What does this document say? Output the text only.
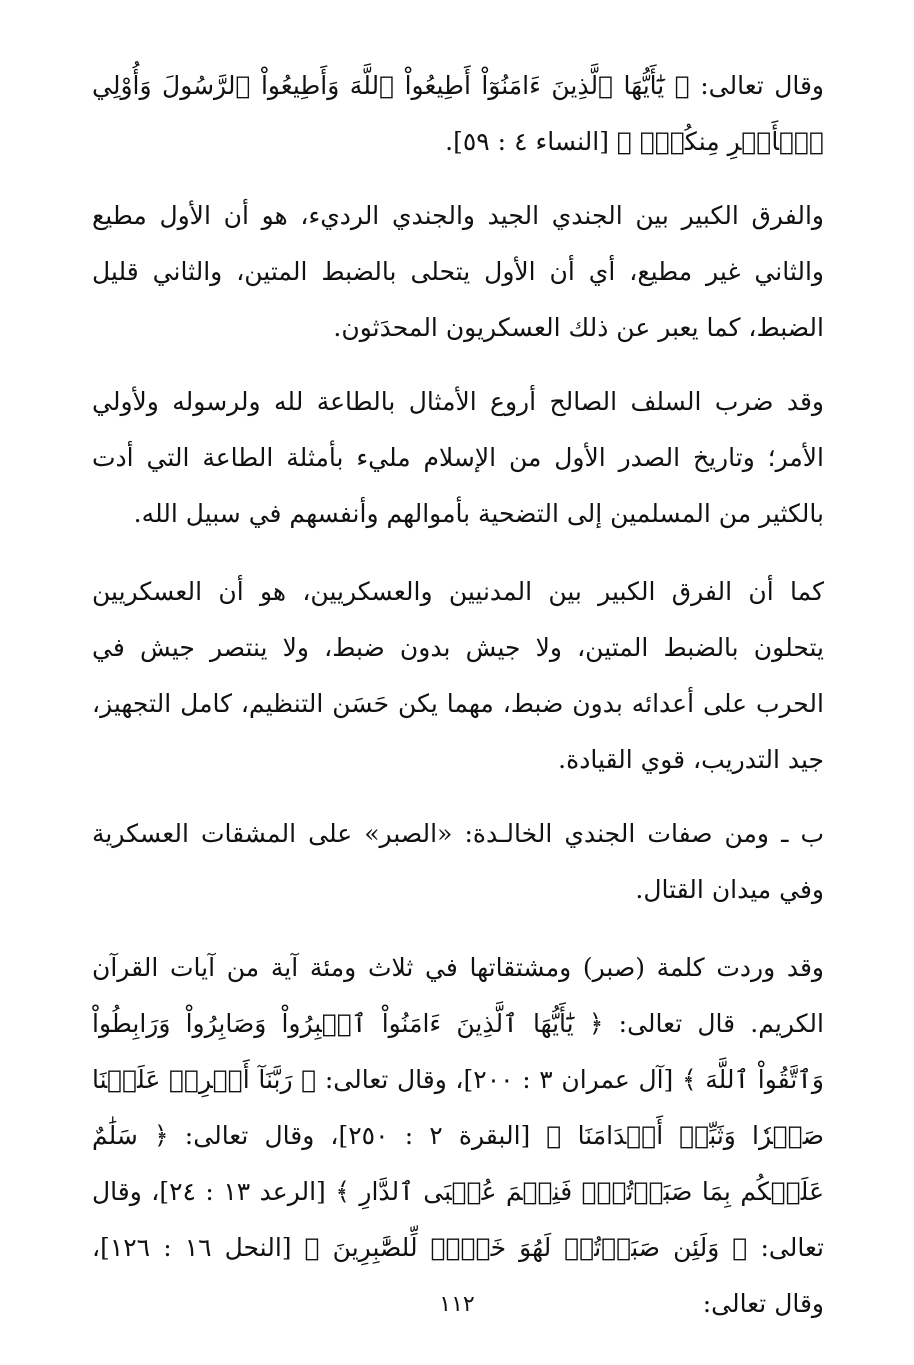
وقال تعالى: ﴿ يَٰٓأَيُّهَا ٱلَّذِينَ ءَامَنُوٓاْ أَطِيعُواْ ٱللَّهَ وَأَطِيعُواْ ٱلرَّسُولَ وَأُوْلِي ٱلۡأَمۡرِ مِنكُمۡۖ ﴾ [النساء ٤ : ٥٩].

والفرق الكبير بين الجندي الجيد والجندي الرديء، هو أن الأول مطيع والثاني غير مطيع، أي أن الأول يتحلى بالضبط المتين، والثاني قليل الضبط، كما يعبر عن ذلك العسكريون المحدَثون.

وقد ضرب السلف الصالح أروع الأمثال بالطاعة لله ولرسوله ولأولي الأمر؛ وتاريخ الصدر الأول من الإسلام مليء بأمثلة الطاعة التي أدت بالكثير من المسلمين إلى التضحية بأموالهم وأنفسهم في سبيل الله.

كما أن الفرق الكبير بين المدنيين والعسكريين، هو أن العسكريين يتحلون بالضبط المتين، ولا جيش بدون ضبط، ولا ينتصر جيش في الحرب على أعدائه بدون ضبط، مهما يكن حَسَن التنظيم، كامل التجهيز، جيد التدريب، قوي القيادة.

ب ـ ومن صفات الجندي الخالـدة: «الصبر» على المشقات العسكرية وفي ميدان القتال.

وقد وردت كلمة (صبر) ومشتقاتها في ثلاث ومئة آية من آيات القرآن الكريم. قال تعالى: ﴿ يَٰٓأَيُّهَا ٱلَّذِينَ ءَامَنُواْ ٱصۡبِرُواْ وَصَابِرُواْ وَرَابِطُواْ وَٱتَّقُواْ ٱللَّهَ ﴾ [آل عمران ٣ : ٢٠٠]، وقال تعالى: ﴿ رَبَّنَآ أَفۡرِغۡ عَلَيۡنَا صَبۡرٗا وَثَبِّتۡ أَقۡدَامَنَا ﴾ [البقرة ٢ : ٢٥٠]، وقال تعالى: ﴿ سَلَٰمٌ عَلَيۡكُم بِمَا صَبَرۡتُمۡۚ فَنِعۡمَ عُقۡبَى ٱلدَّارِ ﴾ [الرعد ١٣ : ٢٤]، وقال تعالى: ﴿ وَلَئِن صَبَرۡتُمۡ لَهُوَ خَيۡرٞ لِّلصَّٰبِرِينَ ﴾ [النحل ١٦ : ١٢٦]، وقال تعالى:

١١٢
